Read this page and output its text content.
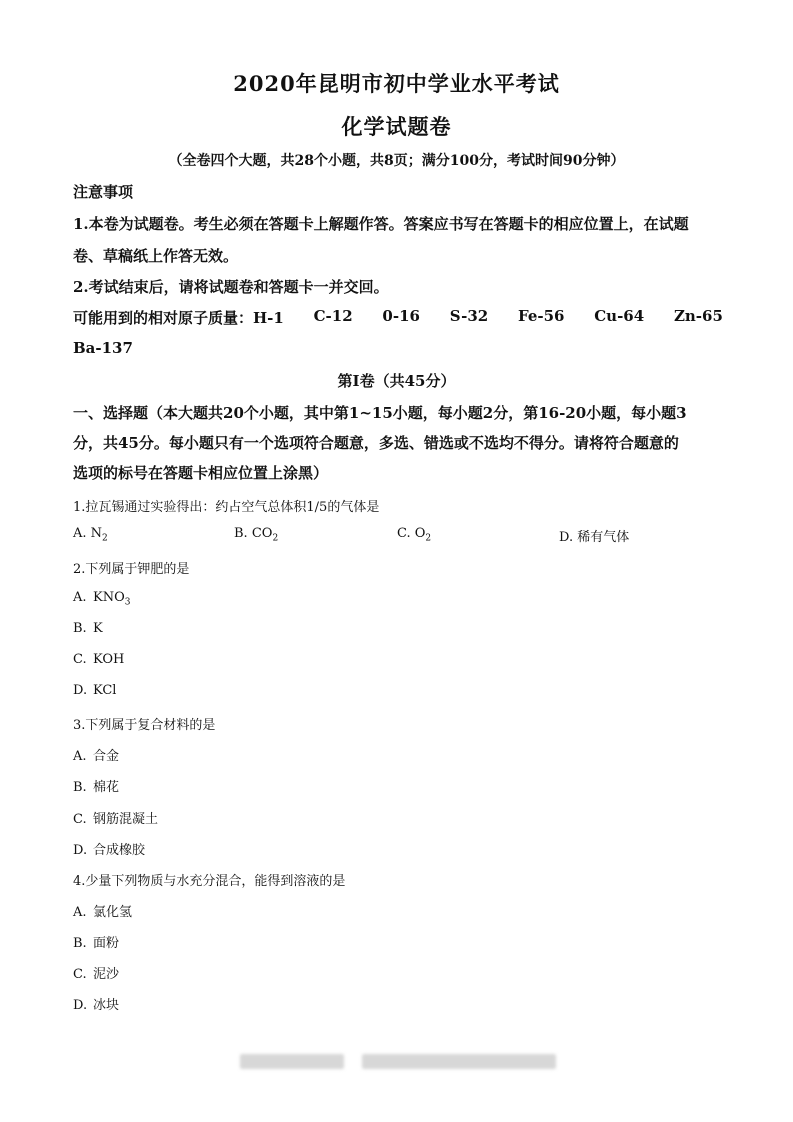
2020年昆明市初中学业水平考试
化学试题卷
（全卷四个大题，共28个小题，共8页；满分100分，考试时间90分钟）
注意事项
1.本卷为试题卷。考生必须在答题卡上解题作答。答案应书写在答题卡的相应位置上，在试题
卷、草稿纸上作答无效。
2.考试结束后，请将试题卷和答题卡一并交回。
可能用到的相对原子质量：H-1 C-12 0-16 S-32 Fe-56 Cu-64 Zn-65
Ba-137
第Ⅰ卷（共45分）
一、选择题（本大题共20个小题，其中第1~15小题，每小题2分，第16-20小题，每小题3
分，共45分。每小题只有一个选项符合题意，多选、错选或不选均不得分。请将符合题意的
选项的标号在答题卡相应位置上涂黑）
1.拉瓦锡通过实验得出：约占空气总体积1/5的气体是
A. $N_2$	B. $CO_2$	C. $O_2$	D. 稀有气体
2.下列属于钾肥的是
A. $KNO_3$
B. K
C. KOH
D. KCl
3.下列属于复合材料的是
A. 合金
B. 棉花
C. 钢筋混凝土
D. 合成橡胶
4.少量下列物质与水充分混合，能得到溶液的是
A. 氯化氢
B. 面粉
C. 泥沙
D. 冰块
